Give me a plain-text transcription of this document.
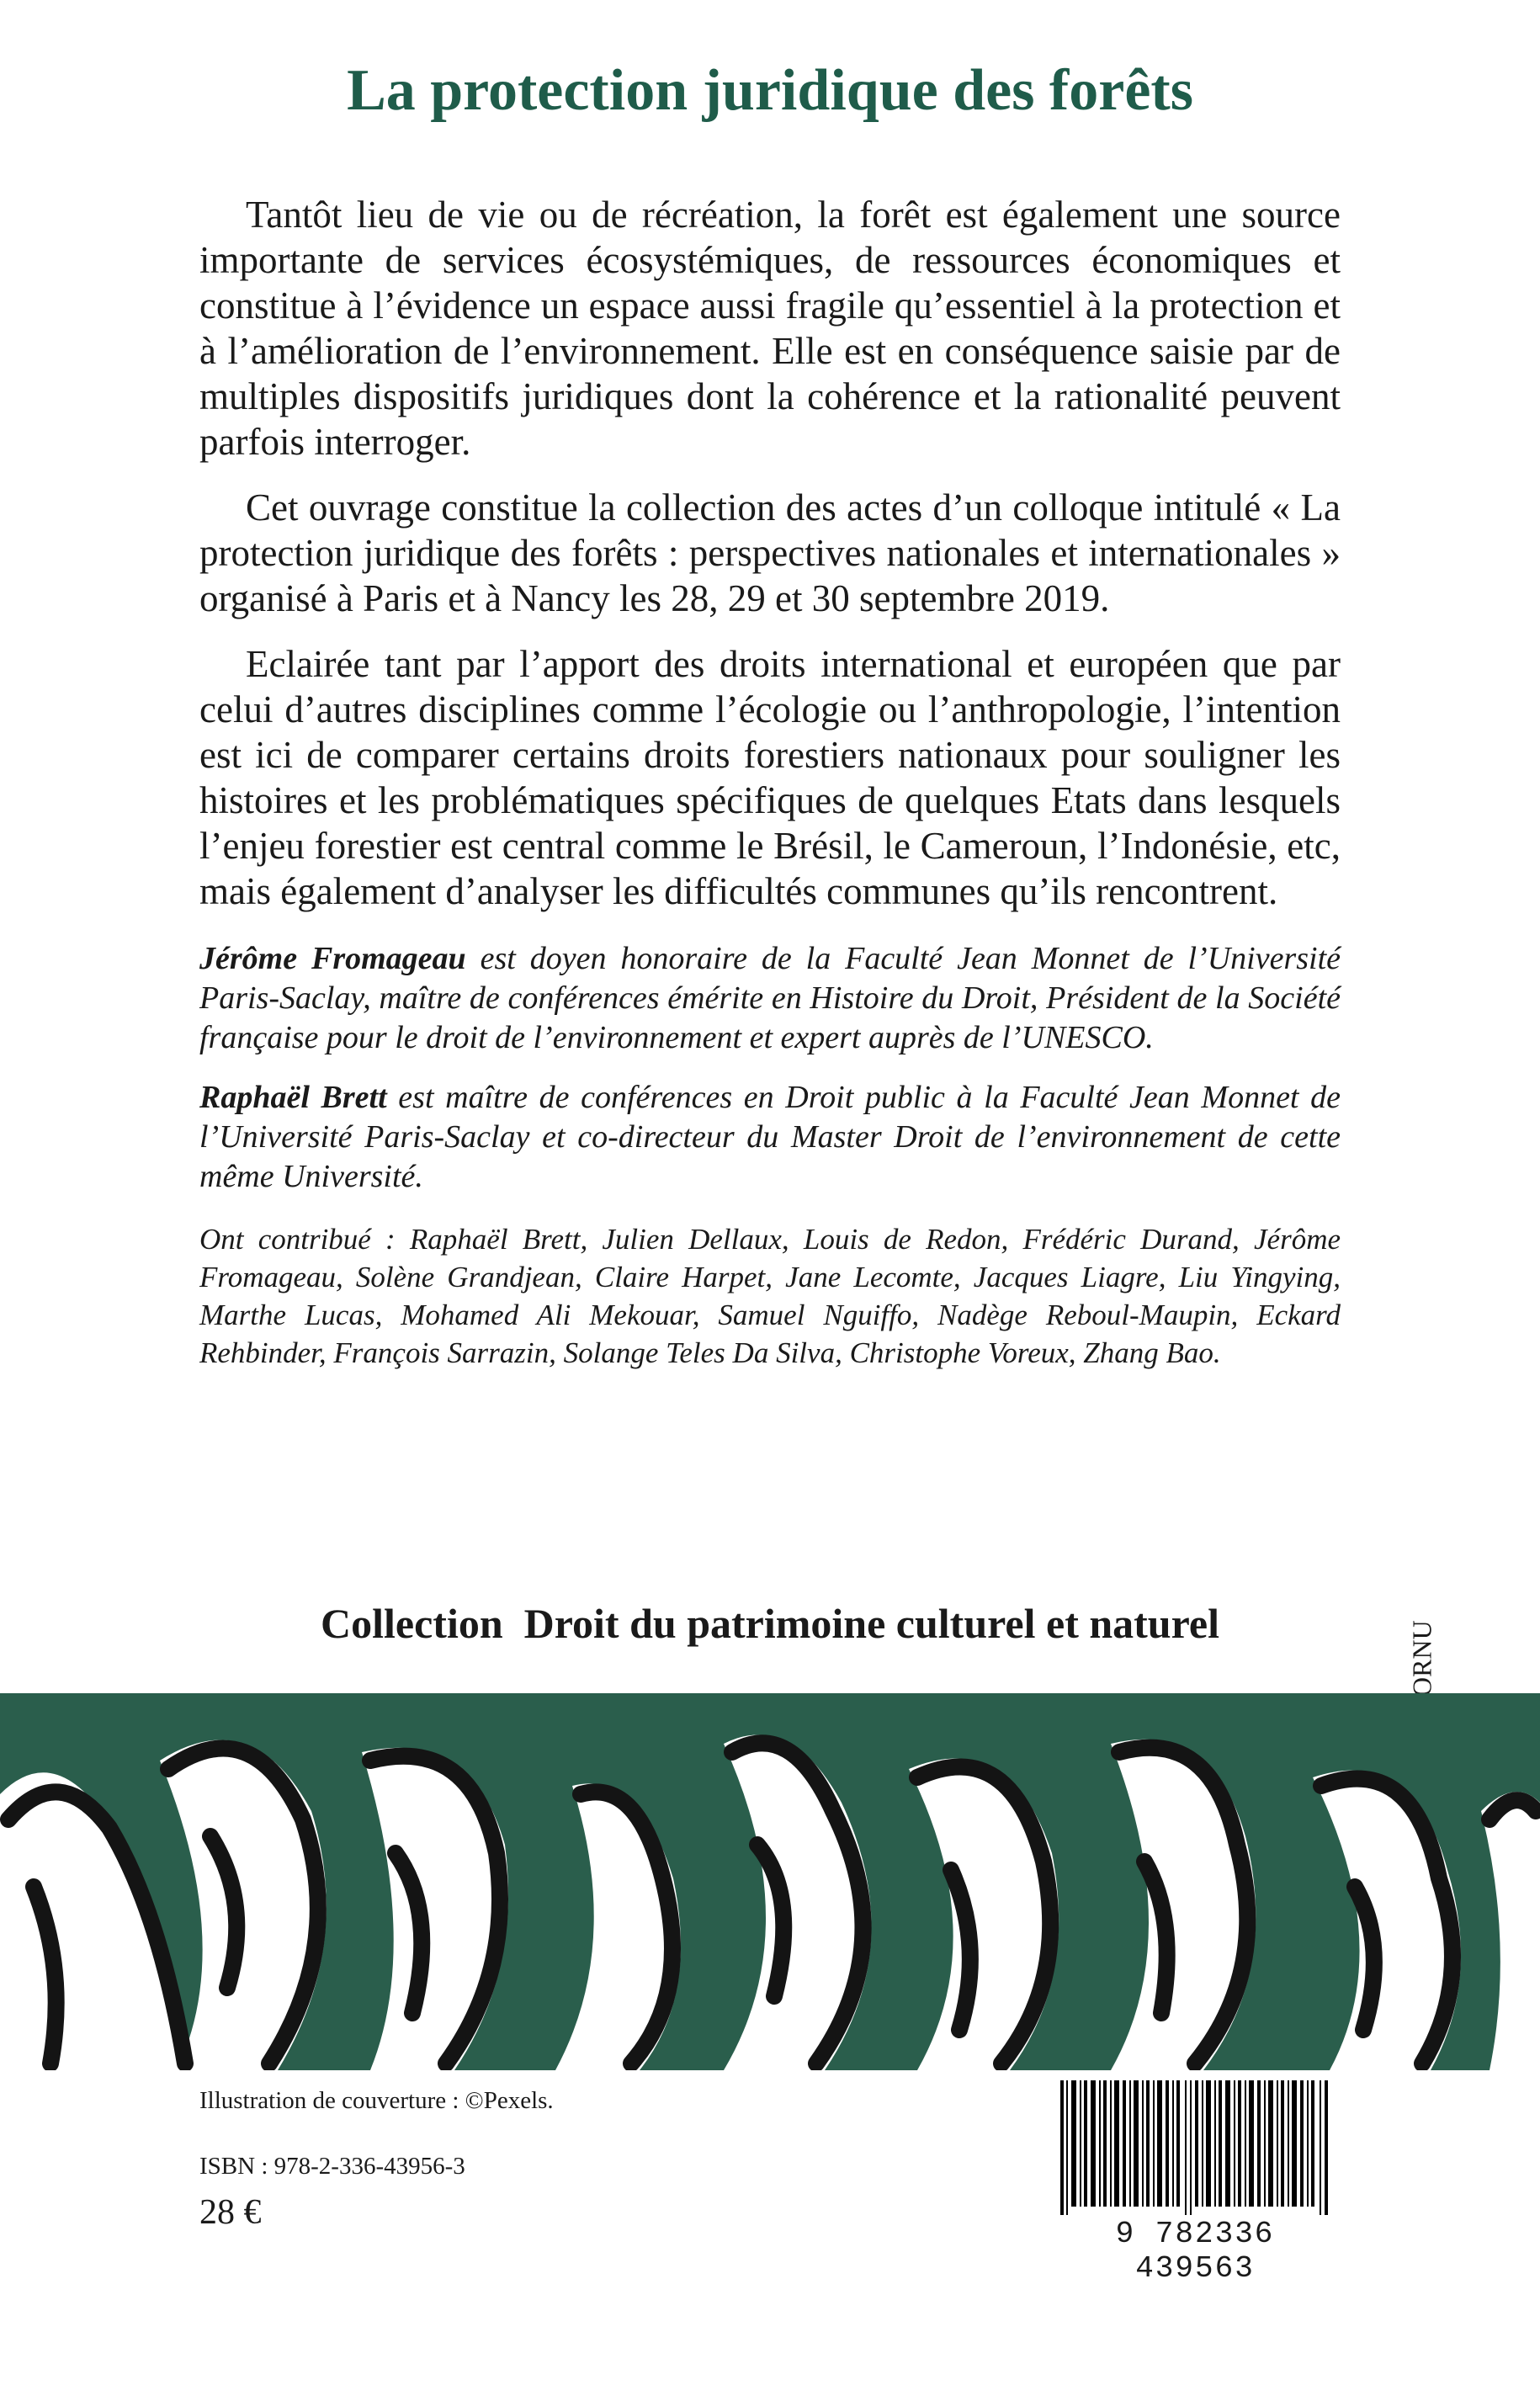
La protection juridique des forêts

Tantôt lieu de vie ou de récréation, la forêt est également une source importante de services écosystémiques, de ressources économiques et constitue à l’évidence un espace aussi fragile qu’essentiel à la protection et à l’amélioration de l’environnement. Elle est en conséquence saisie par de multiples dispositifs juridiques dont la cohérence et la rationalité peuvent parfois interroger.

Cet ouvrage constitue la collection des actes d’un colloque intitulé « La protection juridique des forêts : perspectives nationales et internationales » organisé à Paris et à Nancy les 28, 29 et 30 septembre 2019.

Eclairée tant par l’apport des droits international et européen que par celui d’autres disciplines comme l’écologie ou l’anthropologie, l’intention est ici de comparer certains droits forestiers nationaux pour souligner les histoires et les problématiques spécifiques de quelques Etats dans lesquels l’enjeu forestier est central comme le Brésil, le Cameroun, l’Indonésie, etc, mais également d’analyser les difficultés communes qu’ils rencontrent.

Jérôme Fromageau est doyen honoraire de la Faculté Jean Monnet de l’Université Paris-Saclay, maître de conférences émérite en Histoire du Droit, Président de la Société française pour le droit de l’environnement et expert auprès de l’UNESCO.

Raphaël Brett est maître de conférences en Droit public à la Faculté Jean Monnet de l’Université Paris-Saclay et co-directeur du Master Droit de l’environnement de cette même Université.

Ont contribué : Raphaël Brett, Julien Dellaux, Louis de Redon, Frédéric Durand, Jérôme Fromageau, Solène Grandjean, Claire Harpet, Jane Lecomte, Jacques Liagre, Liu Yingying, Marthe Lucas, Mohamed Ali Mekouar, Samuel Nguiffo, Nadège Reboul-Maupin, Eckard Rehbinder, François Sarrazin, Solange Teles Da Silva, Christophe Voreux, Zhang Bao.

Collection  Droit du patrimoine culturel et naturel

Illustration de couverture : ©Pexels.

ISBN : 978-2-336-43956-3

28 €

9 782336 439563
